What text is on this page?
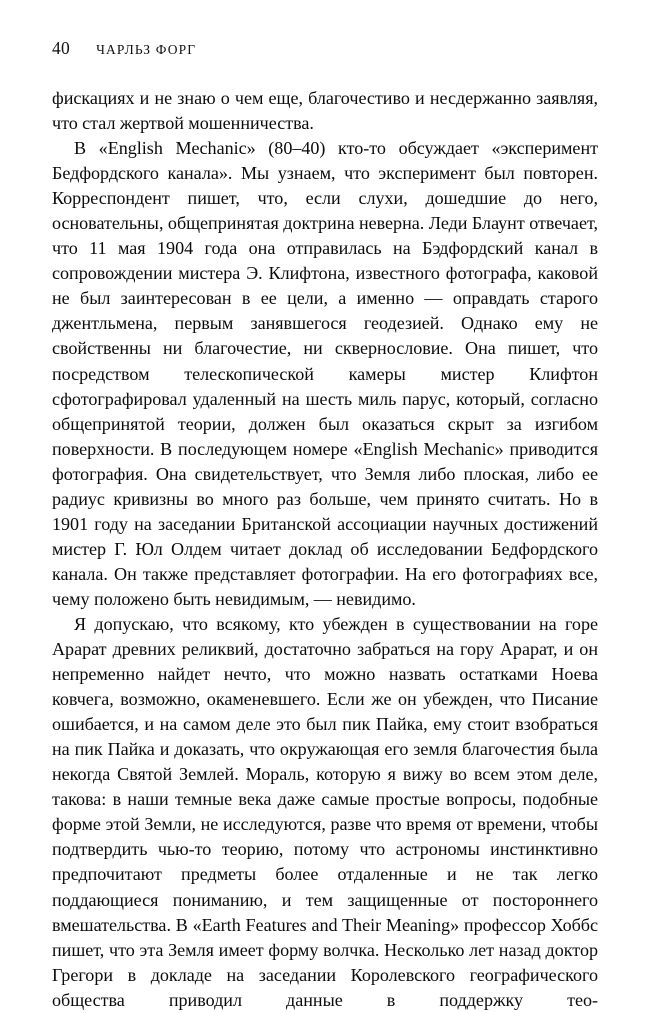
40 ЧАРЛЬЗ ФОРГ

фискациях и не знаю о чем еще, благочестиво и несдержанно заявляя, что стал жертвой мошенничества.

В «English Mechanic» (80–40) кто-то обсуждает «эксперимент Бедфордского канала». Мы узнаем, что эксперимент был повторен. Корреспондент пишет, что, если слухи, дошедшие до него, основательны, общепринятая доктрина неверна. Леди Блаунт отвечает, что 11 мая 1904 года она отправилась на Бэдфордский канал в сопровождении мистера Э. Клифтона, известного фотографа, каковой не был заинтересован в ее цели, а именно — оправдать старого джентльмена, первым занявшегося геодезией. Однако ему не свойственны ни благочестие, ни сквернословие. Она пишет, что посредством телескопической камеры мистер Клифтон сфотографировал удаленный на шесть миль парус, который, согласно общепринятой теории, должен был оказаться скрыт за изгибом поверхности. В последующем номере «English Mechanic» приводится фотография. Она свидетельствует, что Земля либо плоская, либо ее радиус кривизны во много раз больше, чем принято считать. Но в 1901 году на заседании Британской ассоциации научных достижений мистер Г. Юл Олдем читает доклад об исследовании Бедфордского канала. Он также представляет фотографии. На его фотографиях все, чему положено быть невидимым, — невидимо.

Я допускаю, что всякому, кто убежден в существовании на горе Арарат древних реликвий, достаточно забраться на гору Арарат, и он непременно найдет нечто, что можно назвать остатками Ноева ковчега, возможно, окаменевшего. Если же он убежден, что Писание ошибается, и на самом деле это был пик Пайка, ему стоит взобраться на пик Пайка и доказать, что окружающая его земля благочестия была некогда Святой Землей. Мораль, которую я вижу во всем этом деле, такова: в наши темные века даже самые простые вопросы, подобные форме этой Земли, не исследуются, разве что время от времени, чтобы подтвердить чью-то теорию, потому что астрономы инстинктивно предпочитают предметы более отдаленные и не так легко поддающиеся пониманию, и тем защищенные от постороннего вмешательства. В «Earth Features and Their Meaning» профессор Хоббс пишет, что эта Земля имеет форму волчка. Несколько лет назад доктор Грегори в докладе на заседании Королевского географического общества приводил данные в поддержку тео-
